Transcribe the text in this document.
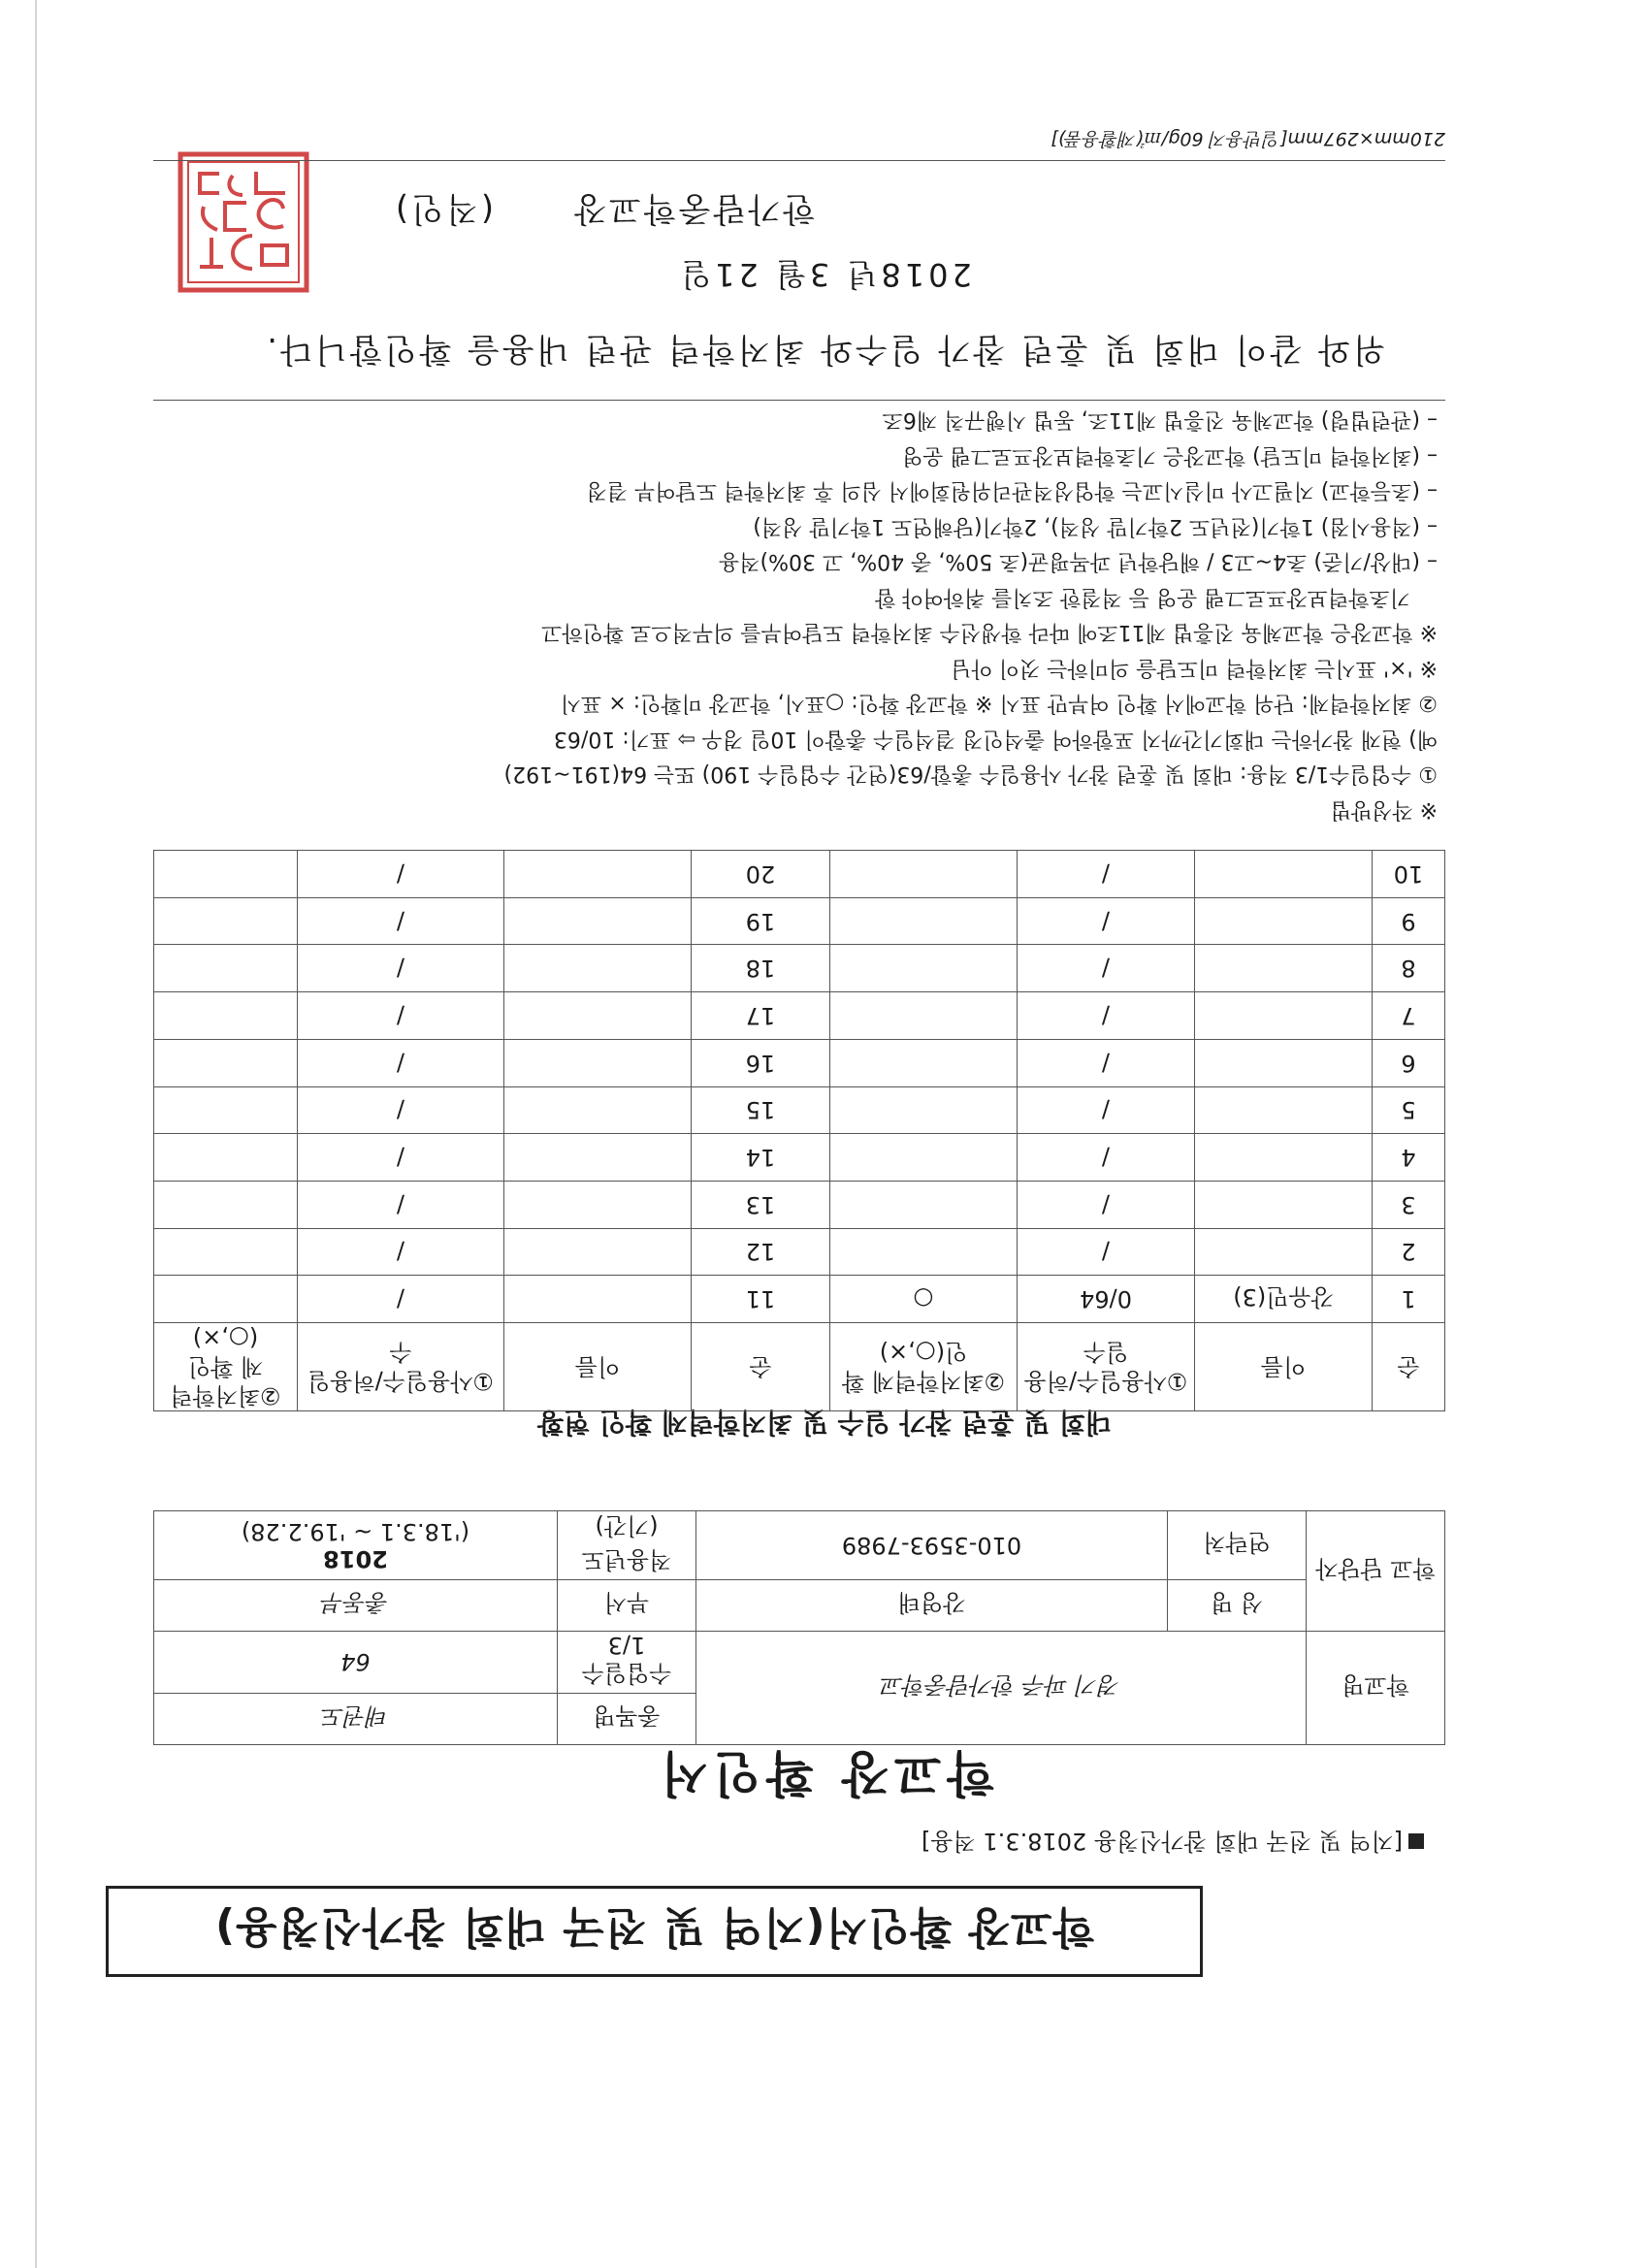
학교장 확인서(지역 및 전국 대회 참가신청용)
[지역 및 전국 대회 참가신청용 2018.3.1 적용]
학교장 확인서
학교명	경기 파주 한가람중학교		종목명	태권도
			수업일수 1/3	64
학교 담당자	성 명	강영태	부서	총동부
	연락처	010-3593-7989	적용년도 (기간)	2018
('18.3.1 ~ '19.2.28)
대회 및 훈련 참가 일수 및 최저학력제 확인 현황
순	이름	①사용일수/허용일수	②최저학력제 확인(○,×)	순	이름	①사용일수/허용일수	②최저학력제 확인(○,×)
1	강유민(3)	0/64	○	11		/	
2		/		12		/	
3		/		13		/	
4		/		14		/	
5		/		15		/	
6		/		16		/	
7		/		17		/	
8		/		18		/	
9		/		19		/	
10		/		20		/	
※ 작성방법
① 수업일수1/3 적용: 대회 및 훈련 참가 사용일수 총합/63(연간 수업일수 190) 또는 64(191~192)
예) 현재 참가하는 대회기간까지 포함하여 출석인정 결석일수 총합이 10일 경우 ⇨ 표기: 10/63
② 최저학력제: 단위 학교에서 확인 여부만 표시 ※ 학교장 확인: ○표시, 학교장 미확인: × 표시
※ '×' 표시는 최저학력 미도달을 의미하는 것이 아님
※ 학교장은 학교체육 진흥법 제11조에 따라 학생선수 최저학력 도달여부를 의무적으로 확인하고
기초학력보장프로그램 운영 등 적절한 조치를 취하여야 함
– (대상/기준) 초4~고3 / 해당학년 과목평균(초 50%, 중 40%, 고 30%)적용
– (적용시점) 1학기(전년도 2학기말 성적), 2학기(당해연도 1학기말 성적)
– (초등학교) 지필고사 미실시교는 학업성적관리위원회에서 심의 후 최저학력 도달여부 결정
– (최저학력 미도달) 학교장은 기초학력보장프로그램 운영
– (관련법령) 학교체육 진흥법 제11조, 동법 시행규칙 제6조
위와 같이 대회 및 훈련 참가 일수와 최저학력 관련 내용을 확인합니다.
2018년 3월 21일
한가람중학교장(직인)
210mm×297mm[일반용지 60g/㎡(재활용품)]
